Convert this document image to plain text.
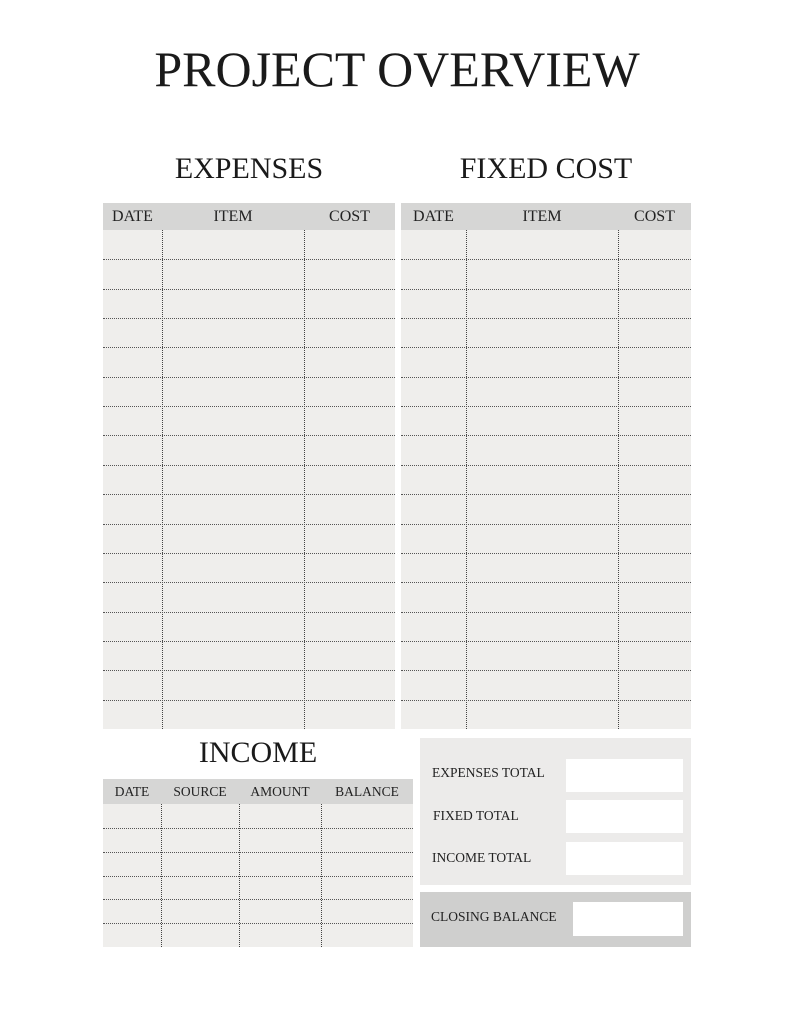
PROJECT OVERVIEW
EXPENSES
DATE	ITEM	COST
FIXED COST
DATE	ITEM	COST
INCOME
DATE	SOURCE	AMOUNT	BALANCE
EXPENSES TOTAL
FIXED TOTAL
INCOME TOTAL
CLOSING BALANCE
